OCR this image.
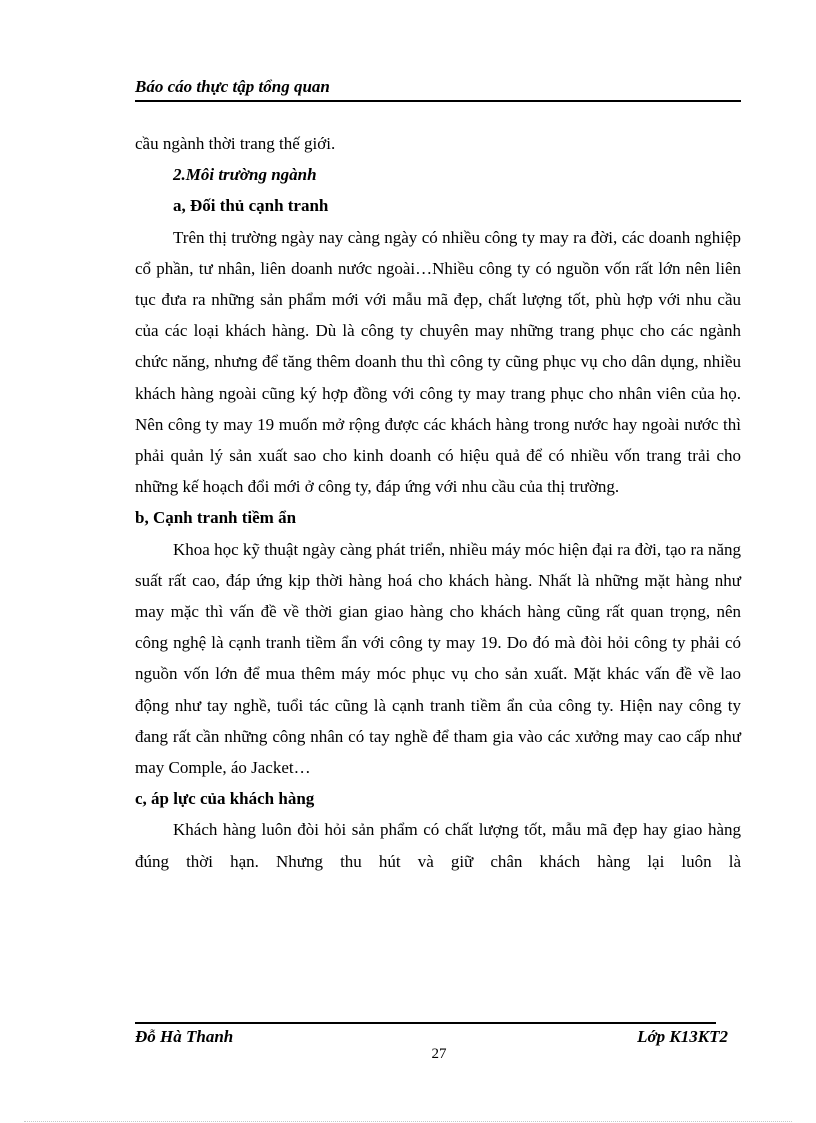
Báo cáo thực tập tổng quan

cầu ngành thời trang thế giới.

2.Môi trường ngành
a, Đối thủ cạnh tranh

Trên thị trường ngày nay càng ngày có nhiều công ty may ra đời, các doanh nghiệp cổ phần, tư nhân, liên doanh nước ngoài…Nhiều công ty có nguồn vốn rất lớn nên liên tục đưa ra những sản phẩm mới với mẫu mã đẹp, chất lượng tốt, phù hợp với nhu cầu của các loại khách hàng. Dù là công ty chuyên may những trang phục cho các ngành chức năng, nhưng để tăng thêm doanh thu thì công ty cũng phục vụ cho dân dụng, nhiều khách hàng ngoài cũng ký hợp đồng với công ty may trang phục cho nhân viên của họ. Nên công ty may 19 muốn mở rộng được các khách hàng trong nước hay ngoài nước thì phải quản lý sản xuất sao cho kinh doanh có hiệu quả để có nhiều vốn trang trải cho những kế hoạch đổi mới ở công ty, đáp ứng với nhu cầu của thị trường.

b, Cạnh tranh tiềm ẩn

Khoa học kỹ thuật ngày càng phát triển, nhiều máy móc hiện đại ra đời, tạo ra năng suất rất cao, đáp ứng kịp thời hàng hoá cho khách hàng. Nhất là những mặt hàng như may mặc thì vấn đề về thời gian giao hàng cho khách hàng cũng rất quan trọng, nên công nghệ là cạnh tranh tiềm ẩn với công ty may 19. Do đó mà đòi hỏi công ty phải có nguồn vốn lớn để mua thêm máy móc phục vụ cho sản xuất. Mặt khác vấn đề về lao động như tay nghề, tuổi tác cũng là cạnh tranh tiềm ẩn của công ty. Hiện nay công ty đang rất cần những công nhân có tay nghề để tham gia vào các xưởng may cao cấp như may Comple, áo Jacket…

c, áp lực của khách hàng

Khách hàng luôn đòi hỏi sản phẩm có chất lượng tốt, mẫu mã đẹp hay giao hàng đúng thời hạn. Nhưng thu hút và giữ chân khách hàng lại luôn là

Đỗ Hà Thanh	Lớp K13KT2
27
